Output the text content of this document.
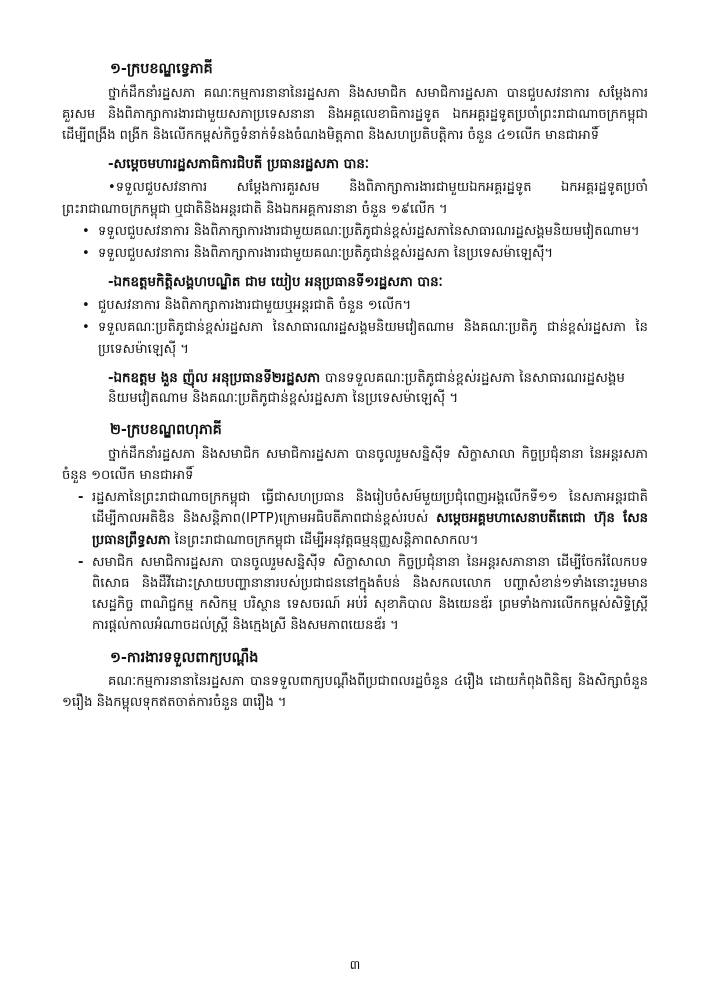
១-ក្របខណ្ឌទ្វេភាគី

ថ្នាក់ដឹកនាំរដ្ឋសភា គណៈកម្មការនានានៃរដ្ឋសភា និងសមាជិក សមាជិការដ្ឋសភា បានជួបសវនាការ សម្តែងការគួរសម និងពិភាក្សាការងារជាមួយសភាប្រទេសនានា និងអគ្គលេខាធិការដ្ឋទូត ឯកអគ្គរដ្ឋទូតប្រចាំព្រះរាជាណាចក្រកម្ពុជា ដើម្បីពង្រឹង ពង្រីក និងលើកកម្ពស់កិច្ចទំនាក់ទំនងចំណងមិត្តភាព និងសហប្រតិបត្តិការ ចំនួន ៤១លើក មានជាអាទិ៍

-សម្តេចមហារដ្ឋសភាធិការជិបតី ប្រធានរដ្ឋសភា បានៈ

•ទទួលជួបសវនាការ សម្តែងការគួរសម និងពិភាក្សាការងារជាមួយឯកអគ្គរដ្ឋទូត ឯកអគ្គរដ្ឋទូតប្រចាំព្រះរាជាណាចក្រកម្ពុជា ឬជាតិនិងអន្តរជាតិ និងឯកអគ្គការនានា ចំនួន ១៩លើក ។

• ទទួលជួបសវនាការ និងពិភាក្សាការងារជាមួយគណៈប្រតិភូជាន់ខ្ពស់រដ្ឋសភានៃសាធារណរដ្ឋសង្គមនិយមវៀតណាម។
• ទទួលជួបសវនាការ និងពិភាក្សាការងារជាមួយគណៈប្រតិភូជាន់ខ្ពស់រដ្ឋសភា នៃប្រទេសម៉ាឡេស៊ី។
-ឯកឧត្តមកិត្តិសង្គហបណ្ឌិត ជាម យៀប អនុប្រធានទី១រដ្ឋសភា បានៈ
• ជួបសវនាការ និងពិភាក្សាការងារជាមួយឬអន្តរជាតិ ចំនួន ១លើក។
• ទទួលគណៈប្រតិភូជាន់ខ្ពស់រដ្ឋសភា នៃសាធារណរដ្ឋសង្គមនិយមវៀតណាម និងគណៈប្រតិភូ ជាន់ខ្ពស់រដ្ឋសភា នៃប្រទេសម៉ាឡេស៊ី ។
-ឯកឧត្តម ងួន ញ៉ុល អនុប្រធានទី២រដ្ឋសភា បានទទួលគណៈប្រតិភូជាន់ខ្ពស់រដ្ឋសភា នៃសាធារណរដ្ឋសង្គមនិយមវៀតណាម និងគណៈប្រតិភូជាន់ខ្ពស់រដ្ឋសភា នៃប្រទេសម៉ាឡេស៊ី ។
២-ក្របខណ្ឌពហុភាគី

ថ្នាក់ដឹកនាំរដ្ឋសភា និងសមាជិក សមាជិការដ្ឋសភា បានចូលរួមសន្និស៊ីទ សិក្ខាសាលា កិច្ចប្រជុំនានា នៃអន្តរសភា ចំនួន ១០លើក មានជាអាទិ៍

- រដ្ឋសភានៃព្រះរាជាណាចក្រកម្ពុជា ធ្វើជាសហប្រធាន និងរៀបចំសម៍មួយប្រជុំពេញអង្គលើកទី១១ នៃសភាអន្តរជាតិដើម្បីកាលអតិឌិន និងសន្តិភាព(IPTP)ក្រោមអធិបតីភាពជាន់ខ្ពស់របស់ សម្តេចអគ្គមហាសេនាបតីតេជោ ហ៊ុន សែន ប្រធានព្រឹទ្ធសភា នៃព្រះរាជាណាចក្រកម្ពុជា ដើម្បីអនុវត្តធម្មនុញ្ញសន្តិភាពសាកល។
- សមាជិក សមាជិការដ្ឋសភា បានចូលរួមសន្និស៊ីទ សិក្ខាសាលា កិច្ចប្រជុំនានា នៃអន្តរសភានានា ដើម្បីចែករំលែកបទពិសោធ និងដឹវីដោះស្រាយបញ្ហានានារបស់ប្រជាជននៅក្នុងតំបន់ និងសកលលោក បញ្ហាសំខាន់១ទាំងនោះរួមមាន សេដ្ឋកិច្ច ពាណិជ្ជកម្ម កសិកម្ម បរិស្ថាន ទេសចរណ៍ អប់រំ សុខាភិបាល និងយេនឌ័រ ព្រមទាំងការលើកកម្ពស់សិទ្ធិស្ត្រី ការផ្តល់កាលអំណាចដល់ស្ត្រី និងក្មេងស្រី និងសមភាពយេនឌ័រ ។
១-ការងារទទួលពាក្យបណ្តឹង

គណៈកម្មការនានានៃរដ្ឋសភា បានទទួលពាក្យបណ្តឹងពីប្រជាពលរដ្ឋចំនួន ៤រឿង ដោយកំពុងពិនិត្យ និងសិក្សាចំនួន ១រឿង និងកម្ពុលទុកឥតចាត់ការចំនួន ៣រឿង ។

៣
